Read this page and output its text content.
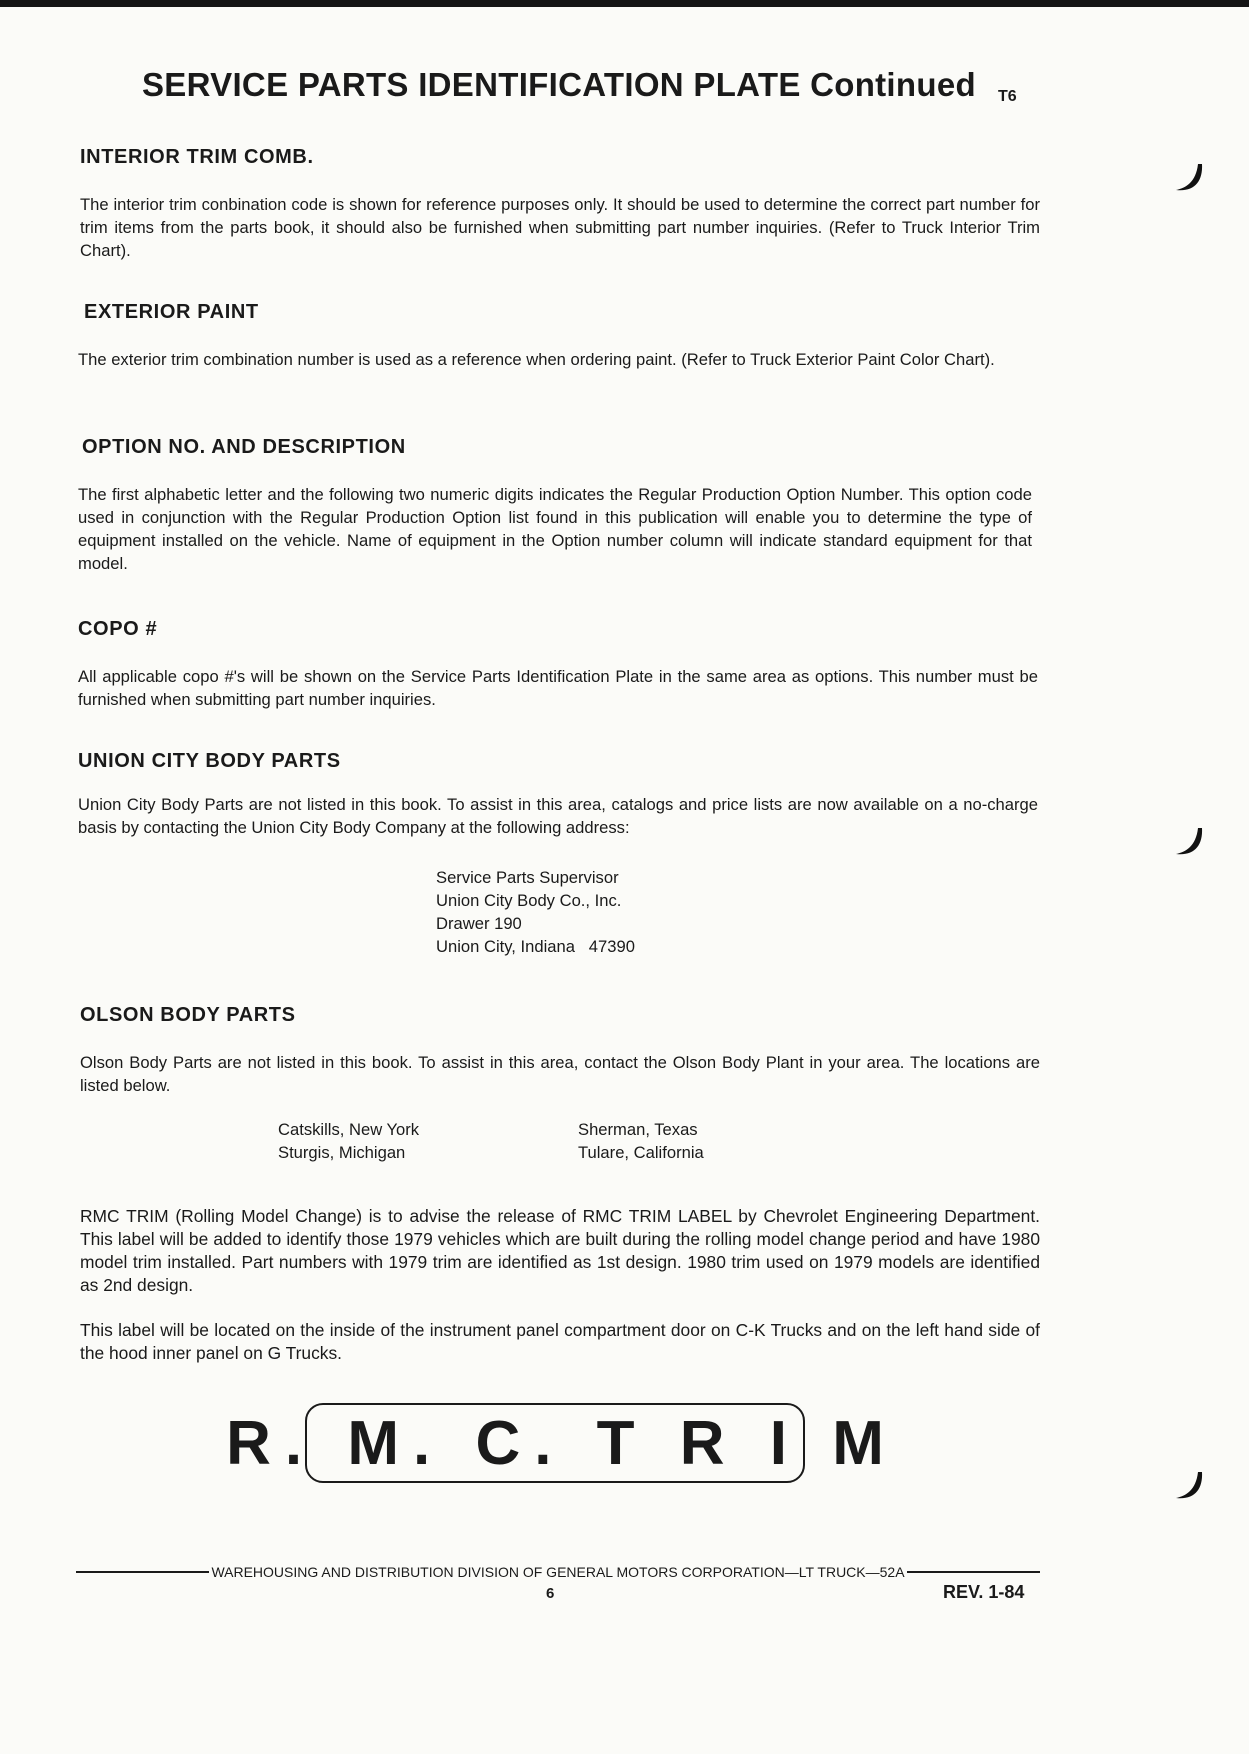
SERVICE PARTS IDENTIFICATION PLATE Continued T6
INTERIOR TRIM COMB.

The interior trim conbination code is shown for reference purposes only. It should be used to determine the correct part number for trim items from the parts book, it should also be furnished when submitting part number inquiries. (Refer to Truck Interior Trim Chart).

EXTERIOR PAINT

The exterior trim combination number is used as a reference when ordering paint. (Refer to Truck Exterior Paint Color Chart).

OPTION NO. AND DESCRIPTION

The first alphabetic letter and the following two numeric digits indicates the Regular Production Option Number. This option code used in conjunction with the Regular Production Option list found in this publication will enable you to determine the type of equipment installed on the vehicle. Name of equipment in the Option number column will indicate standard equipment for that model.

COPO #

All applicable copo #'s will be shown on the Service Parts Identification Plate in the same area as options. This number must be furnished when submitting part number inquiries.

UNION CITY BODY PARTS

Union City Body Parts are not listed in this book. To assist in this area, catalogs and price lists are now available on a no-charge basis by contacting the Union City Body Company at the following address:

Service Parts Supervisor
Union City Body Co., Inc.
Drawer 190
Union City, Indiana   47390
OLSON BODY PARTS

Olson Body Parts are not listed in this book. To assist in this area, contact the Olson Body Plant in your area. The locations are listed below.

Catskills, New York
Sturgis, Michigan
Sherman, Texas
Tulare, California

RMC TRIM (Rolling Model Change) is to advise the release of RMC TRIM LABEL by Chevrolet Engineering Department. This label will be added to identify those 1979 vehicles which are built during the rolling model change period and have 1980 model trim installed. Part numbers with 1979 trim are identified as 1st design. 1980 trim used on 1979 models are identified as 2nd design.

This label will be located on the inside of the instrument panel compartment door on C-K Trucks and on the left hand side of the hood inner panel on G Trucks.

R. M. C. T R I M
WAREHOUSING AND DISTRIBUTION DIVISION OF GENERAL MOTORS CORPORATION—LT TRUCK—52A
6	REV. 1-84
